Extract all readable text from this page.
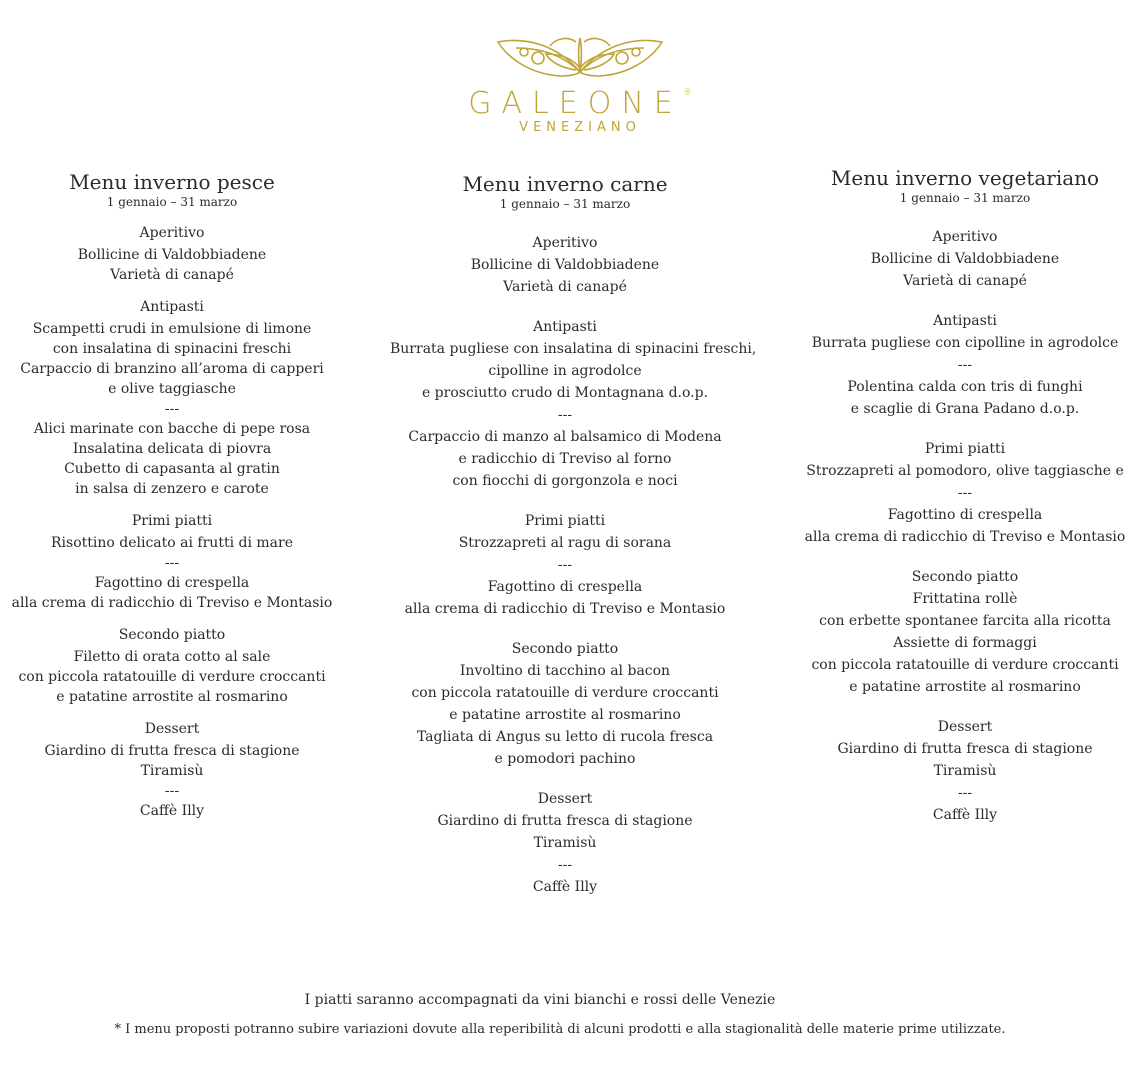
GALEONE®
VENEZIANO
Menu inverno pesce
1 gennaio – 31 marzo
Aperitivo
Bollicine di Valdobbiadene
Varietà di canapé
Antipasti
Scampetti crudi in emulsione di limone
con insalatina di spinacini freschi
Carpaccio di branzino all’aroma di capperi
e olive taggiasche
---
Alici marinate con bacche di pepe rosa
Insalatina delicata di piovra
Cubetto di capasanta al gratin
in salsa di zenzero e carote
Primi piatti
Risottino delicato ai frutti di mare
---
Fagottino di crespella
alla crema di radicchio di Treviso e Montasio
Secondo piatto
Filetto di orata cotto al sale
con piccola ratatouille di verdure croccanti
e patatine arrostite al rosmarino
Dessert
Giardino di frutta fresca di stagione
Tiramisù
---
Caffè Illy
Menu inverno carne
1 gennaio – 31 marzo
Aperitivo
Bollicine di Valdobbiadene
Varietà di canapé
Antipasti
Burrata pugliese con insalatina di spinacini freschi,
cipolline in agrodolce
e prosciutto crudo di Montagnana d.o.p.
---
Carpaccio di manzo al balsamico di Modena
e radicchio di Treviso al forno
con fiocchi di gorgonzola e noci
Primi piatti
Strozzapreti al ragu di sorana
---
Fagottino di crespella
alla crema di radicchio di Treviso e Montasio
Secondo piatto
Involtino di tacchino al bacon
con piccola ratatouille di verdure croccanti
e patatine arrostite al rosmarino
Tagliata di Angus su letto di rucola fresca
e pomodori pachino
Dessert
Giardino di frutta fresca di stagione
Tiramisù
---
Caffè Illy
Menu inverno vegetariano
1 gennaio – 31 marzo
Aperitivo
Bollicine di Valdobbiadene
Varietà di canapé
Antipasti
Burrata pugliese con cipolline in agrodolce
---
Polentina calda con tris di funghi
e scaglie di Grana Padano d.o.p.
Primi piatti
Strozzapreti al pomodoro, olive taggiasche e
---
Fagottino di crespella
alla crema di radicchio di Treviso e Montasio
Secondo piatto
Frittatina rollè
con erbette spontanee farcita alla ricotta
Assiette di formaggi
con piccola ratatouille di verdure croccanti
e patatine arrostite al rosmarino
Dessert
Giardino di frutta fresca di stagione
Tiramisù
---
Caffè Illy
I piatti saranno accompagnati da vini bianchi e rossi delle Venezie
* I menu proposti potranno subire variazioni dovute alla reperibilità di alcuni prodotti e alla stagionalità delle materie prime utilizzate.
